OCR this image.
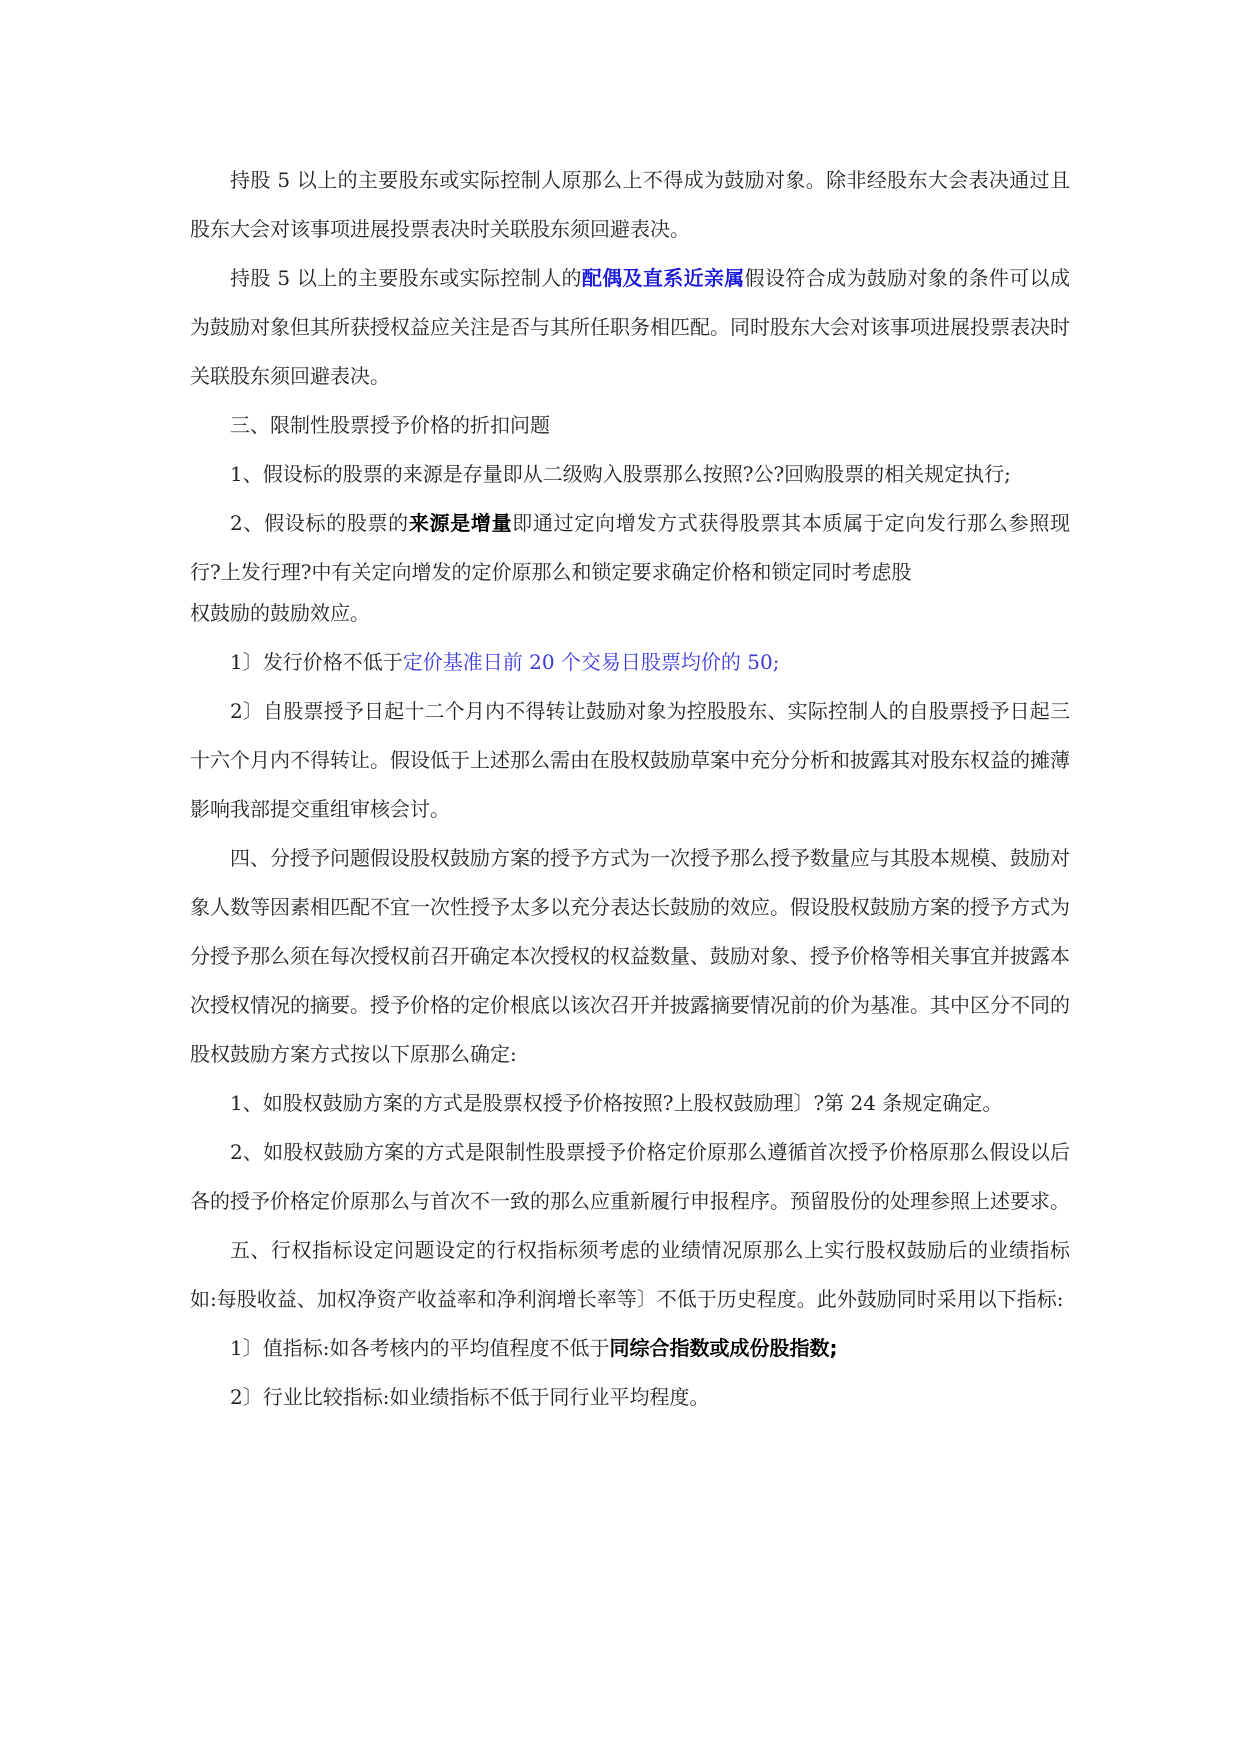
持股 5 以上的主要股东或实际控制人原那么上不得成为鼓励对象。除非经股东大会表决通过且股东大会对该事项进展投票表决时关联股东须回避表决。

持股 5 以上的主要股东或实际控制人的配偶及直系近亲属假设符合成为鼓励对象的条件可以成为鼓励对象但其所获授权益应关注是否与其所任职务相匹配。同时股东大会对该事项进展投票表决时关联股东须回避表决。

三、限制性股票授予价格的折扣问题

1、假设标的股票的来源是存量即从二级购入股票那么按照?公?回购股票的相关规定执行;

2、假设标的股票的来源是增量即通过定向增发方式获得股票其本质属于定向发行那么参照现行?上发行理?中有关定向增发的定价原那么和锁定要求确定价格和锁定同时考虑股

权鼓励的鼓励效应。

1〕发行价格不低于定价基准日前 20 个交易日股票均价的 50;

2〕自股票授予日起十二个月内不得转让鼓励对象为控股股东、实际控制人的自股票授予日起三十六个月内不得转让。假设低于上述那么需由在股权鼓励草案中充分分析和披露其对股东权益的摊薄影响我部提交重组审核会讨。

四、分授予问题假设股权鼓励方案的授予方式为一次授予那么授予数量应与其股本规模、鼓励对象人数等因素相匹配不宜一次性授予太多以充分表达长鼓励的效应。假设股权鼓励方案的授予方式为分授予那么须在每次授权前召开确定本次授权的权益数量、鼓励对象、授予价格等相关事宜并披露本次授权情况的摘要。授予价格的定价根底以该次召开并披露摘要情况前的价为基准。其中区分不同的股权鼓励方案方式按以下原那么确定:

1、如股权鼓励方案的方式是股票权授予价格按照?上股权鼓励理〕?第 24 条规定确定。

2、如股权鼓励方案的方式是限制性股票授予价格定价原那么遵循首次授予价格原那么假设以后各的授予价格定价原那么与首次不一致的那么应重新履行申报程序。预留股份的处理参照上述要求。

五、行权指标设定问题设定的行权指标须考虑的业绩情况原那么上实行股权鼓励后的业绩指标如:每股收益、加权净资产收益率和净利润增长率等〕不低于历史程度。此外鼓励同时采用以下指标:

1〕值指标:如各考核内的平均值程度不低于同综合指数或成份股指数;

2〕行业比较指标:如业绩指标不低于同行业平均程度。
